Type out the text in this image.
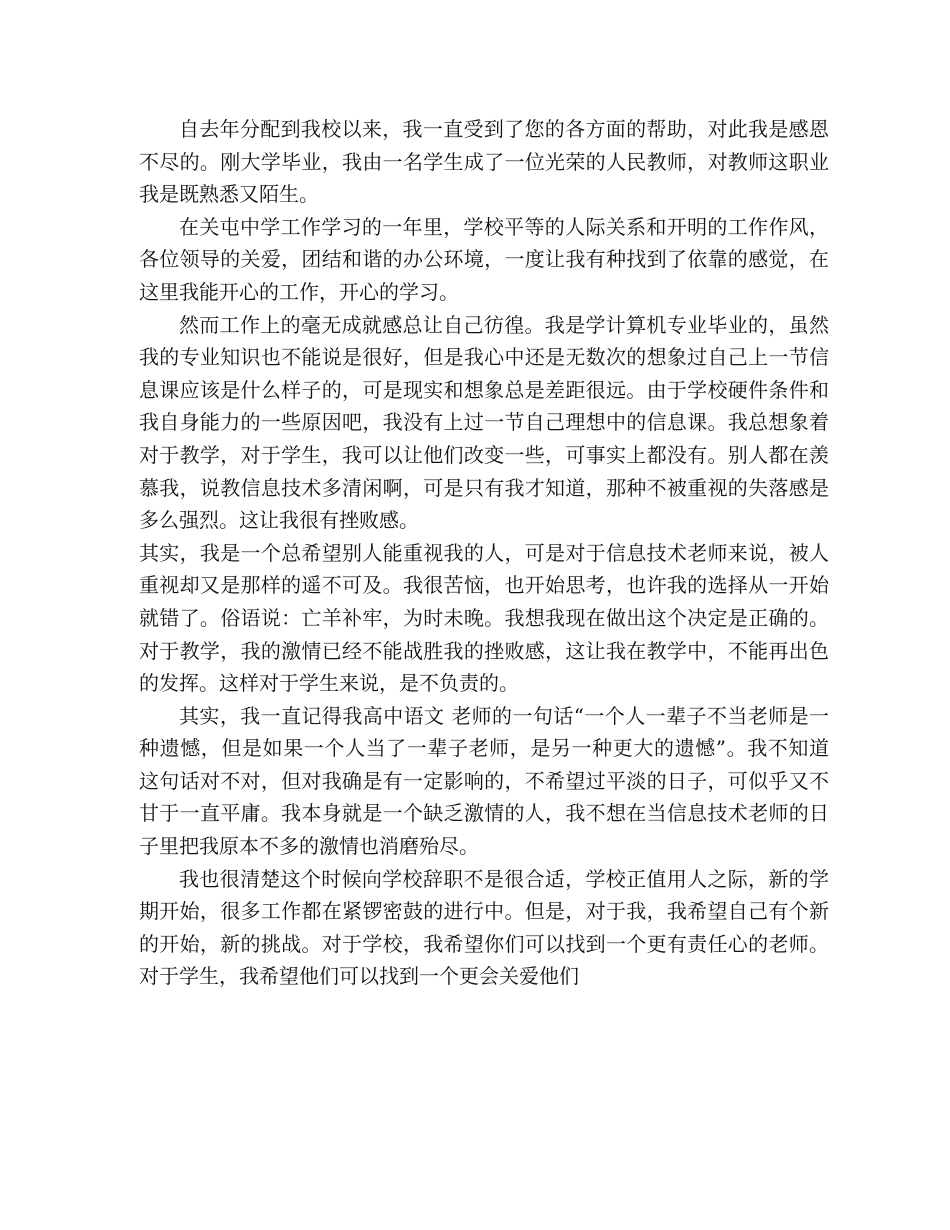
自去年分配到我校以来，我一直受到了您的各方面的帮助，对此我是感恩不尽的。刚大学毕业，我由一名学生成了一位光荣的人民教师，对教师这职业我是既熟悉又陌生。

在关屯中学工作学习的一年里，学校平等的人际关系和开明的工作作风，各位领导的关爱，团结和谐的办公环境，一度让我有种找到了依靠的感觉，在这里我能开心的工作，开心的学习。

然而工作上的毫无成就感总让自己彷徨。我是学计算机专业毕业的，虽然我的专业知识也不能说是很好，但是我心中还是无数次的想象过自己上一节信息课应该是什么样子的，可是现实和想象总是差距很远。由于学校硬件条件和我自身能力的一些原因吧，我没有上过一节自己理想中的信息课。我总想象着对于教学，对于学生，我可以让他们改变一些，可事实上都没有。别人都在羡慕我，说教信息技术多清闲啊，可是只有我才知道，那种不被重视的失落感是多么强烈。这让我很有挫败感。

其实，我是一个总希望别人能重视我的人，可是对于信息技术老师来说，被人重视却又是那样的遥不可及。我很苦恼，也开始思考，也许我的选择从一开始就错了。俗语说：亡羊补牢，为时未晚。我想我现在做出这个决定是正确的。对于教学，我的激情已经不能战胜我的挫败感，这让我在教学中，不能再出色的发挥。这样对于学生来说，是不负责的。

其实，我一直记得我高中语文 老师的一句话“一个人一辈子不当老师是一种遗憾，但是如果一个人当了一辈子老师，是另一种更大的遗憾”。我不知道这句话对不对，但对我确是有一定影响的，不希望过平淡的日子，可似乎又不甘于一直平庸。我本身就是一个缺乏激情的人，我不想在当信息技术老师的日子里把我原本不多的激情也消磨殆尽。

我也很清楚这个时候向学校辞职不是很合适，学校正值用人之际，新的学期开始，很多工作都在紧锣密鼓的进行中。但是，对于我，我希望自己有个新的开始，新的挑战。对于学校，我希望你们可以找到一个更有责任心的老师。对于学生，我希望他们可以找到一个更会关爱他们
